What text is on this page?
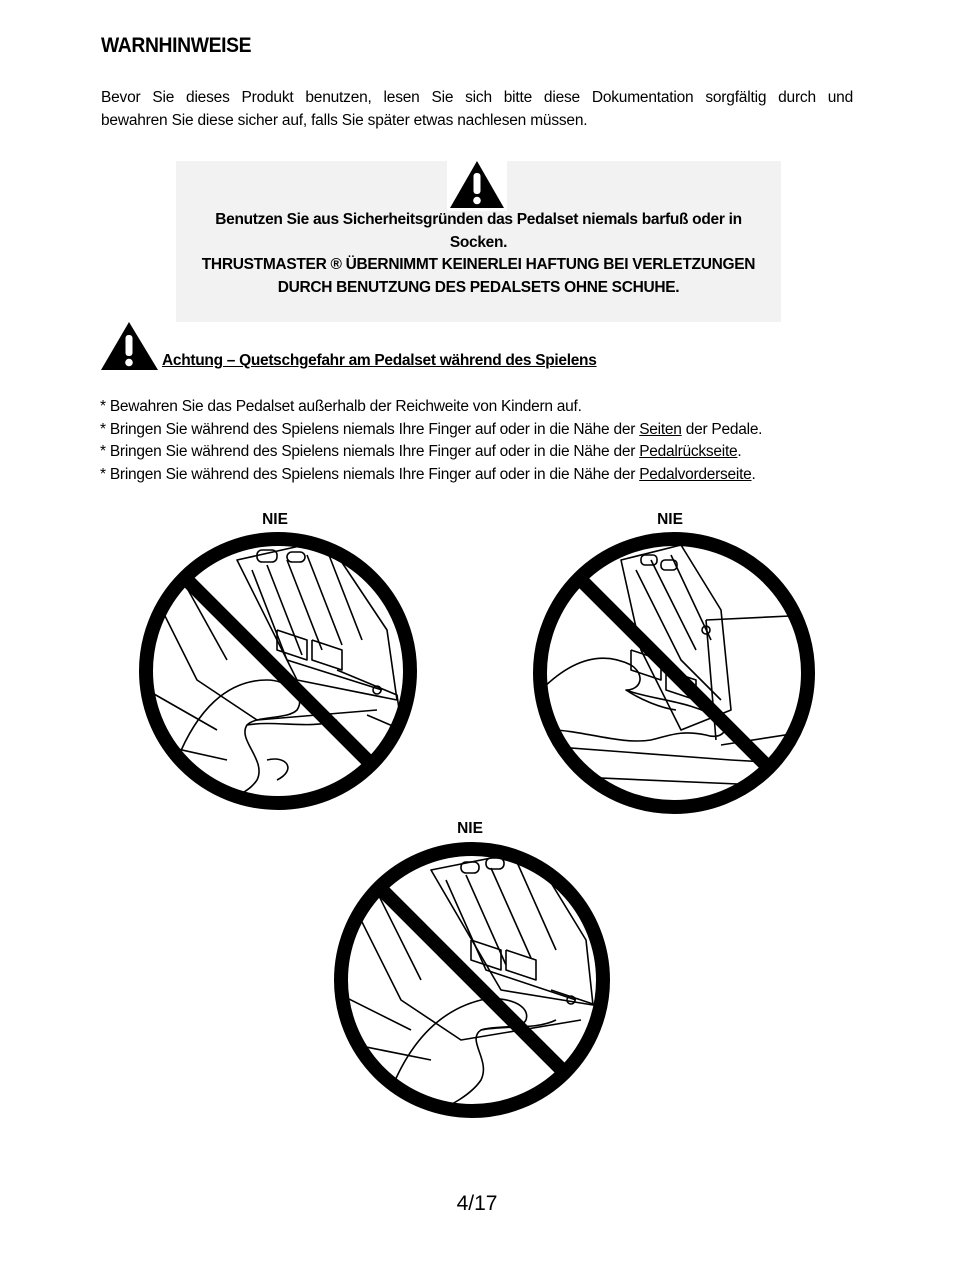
WARNHINWEISE
Bevor Sie dieses Produkt benutzen, lesen Sie sich bitte diese Dokumentation sorgfältig durch und
bewahren Sie diese sicher auf, falls Sie später etwas nachlesen müssen.
Benutzen Sie aus Sicherheitsgründen das Pedalset niemals barfuß oder in
Socken.
THRUSTMASTER ® ÜBERNIMMT KEINERLEI HAFTUNG BEI VERLETZUNGEN
DURCH BENUTZUNG DES PEDALSETS OHNE SCHUHE.
Achtung – Quetschgefahr am Pedalset während des Spielens
* Bewahren Sie das Pedalset außerhalb der Reichweite von Kindern auf.
* Bringen Sie während des Spielens niemals Ihre Finger auf oder in die Nähe der Seiten der Pedale.
* Bringen Sie während des Spielens niemals Ihre Finger auf oder in die Nähe der Pedalrückseite.
* Bringen Sie während des Spielens niemals Ihre Finger auf oder in die Nähe der Pedalvorderseite.
NIE	NIE
NIE
4/17
